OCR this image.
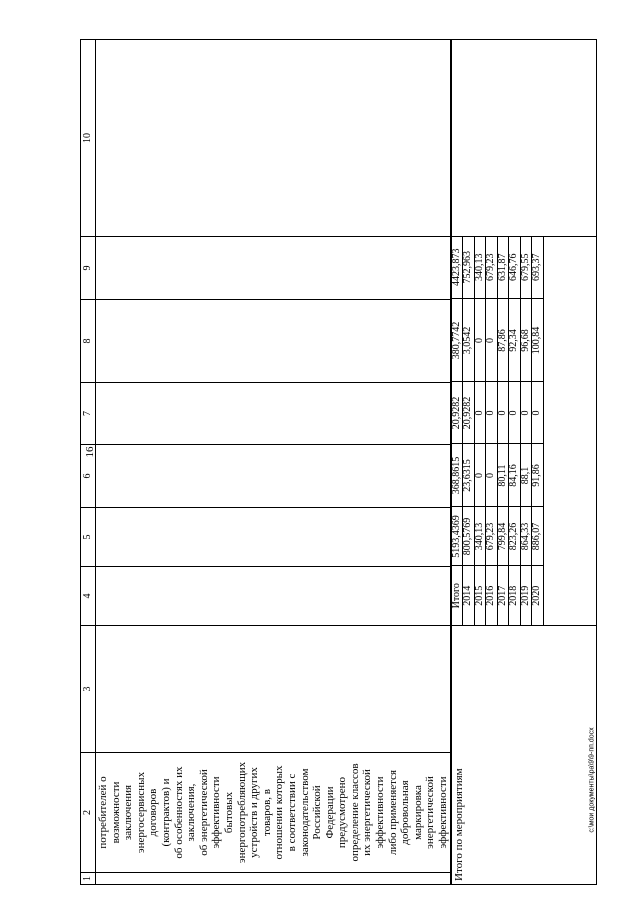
16
1	2	3	4	5	6	7	8	9	10
	потребителей о
возможности
заключения
энергосервисных
договоров
(контрактов) и
об особенностях их
заключения,
об энергетической
эффективности
бытовых
энергопотребляющих
устройств и других
товаров, в
отношении которых
в соответствии с
законодательством
Российской
Федерации
предусмотрено
определение классов
их энергетической
эффективности
либо применяется
добровольная
маркировка
энергетической
эффективности								

Итого по мероприятиям

Итого	5193,4369	368,8615	20,9282	380,7742	4423,873
2014	800,5769	23,6315	20,9282	3,0542	752,963
2015	340,13	0	0	0	340,13
2016	679,23	0	0	0	679,23
2017	799,84	80,11	0	87,86	631,87
2018	823,26	84,16	0	92,34	646,76
2019	864,33	88,1	0	96,68	679,55
2020	886,07	91,86	0	100,84	693,37

c:\мои документы\ра\9\9-пп.docx
